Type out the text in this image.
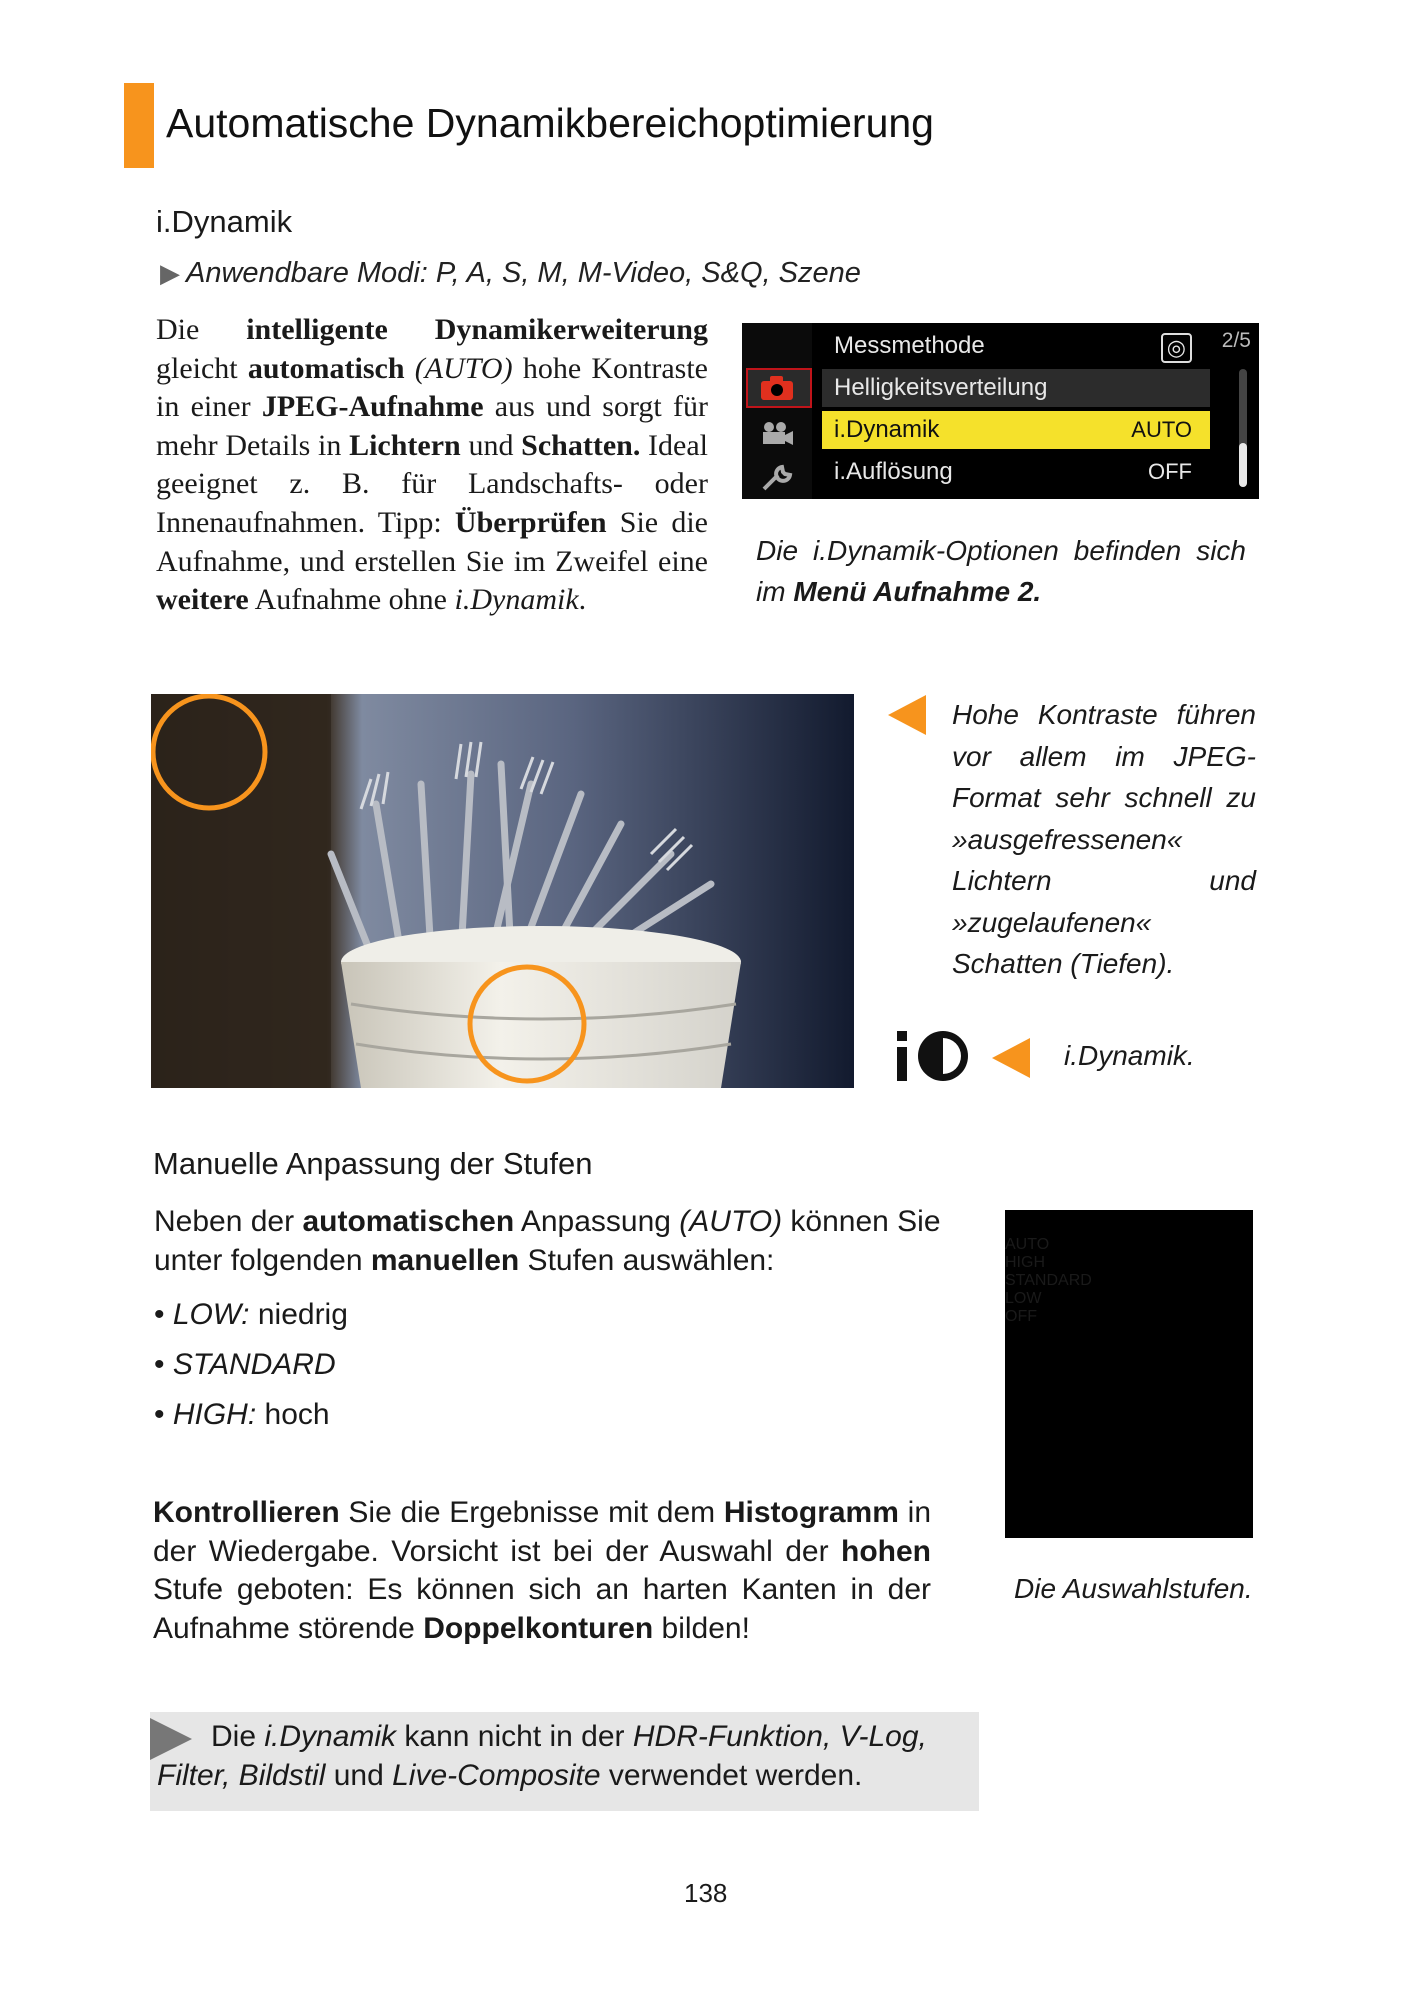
Automatische Dynamikbereichoptimierung
i.Dynamik
▶ Anwendbare Modi: P, A, S, M, M-Video, S&Q, Szene
Die intelligente Dynamikerweiterung gleicht automatisch (AUTO) hohe Kontraste in einer JPEG-Aufnahme aus und sorgt für mehr Details in Lichtern und Schatten. Ideal geeignet z. B. für Landschafts- oder Innenaufnahmen. Tipp: Überprüfen Sie die Aufnahme, und erstellen Sie im Zweifel eine weitere Aufnahme ohne i.Dynamik.
2/5
Messmethode	◎
Helligkeitsverteilung
i.Dynamik	AUTO
i.Auflösung	OFF
Die i.Dynamik-Optionen befinden sich im Menü Aufnahme 2.
Hohe Kontraste führen vor allem im JPEG-Format sehr schnell zu »ausgefressenen« Lichtern und »zugelaufenen« Schatten (Tiefen).
i.Dynamik.
Manuelle Anpassung der Stufen
Neben der automatischen Anpassung (AUTO) können Sie unter folgenden manuellen Stufen auswählen:
• LOW: niedrig
• STANDARD
• HIGH: hoch
AUTO
HIGH
STANDARD
LOW
OFF
Die Auswahlstufen.
Kontrollieren Sie die Ergebnisse mit dem Histogramm in der Wiedergabe. Vorsicht ist bei der Auswahl der hohen Stufe geboten: Es können sich an harten Kanten in der Aufnahme störende Doppelkonturen bilden!
Die i.Dynamik kann nicht in der HDR-Funktion, V-Log, Filter, Bildstil und Live-Composite verwendet werden.
138
